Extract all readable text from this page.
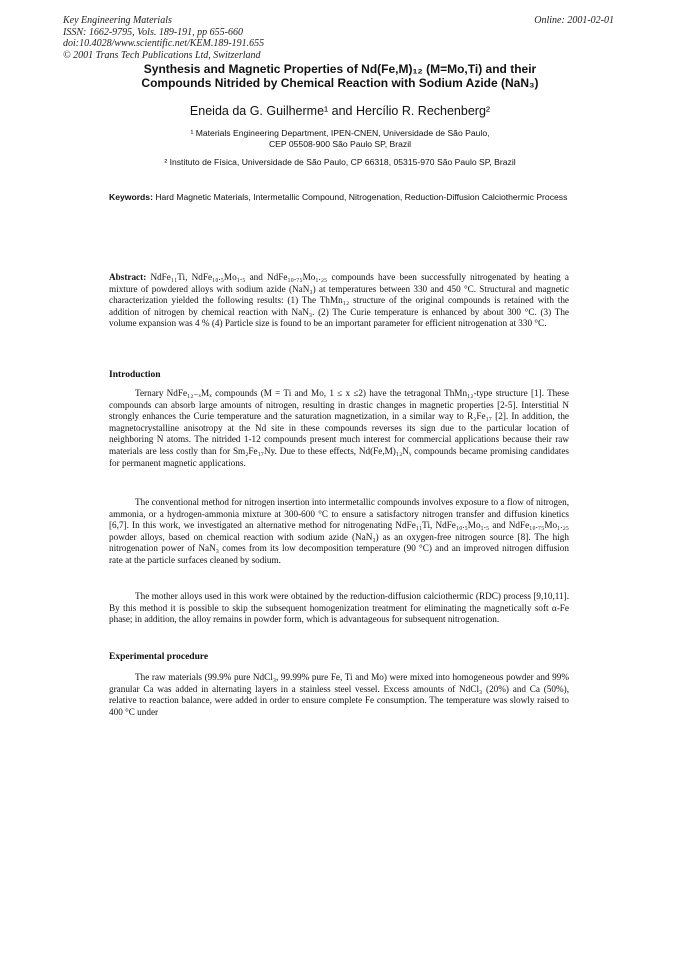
Key Engineering Materials
ISSN: 1662-9795, Vols. 189-191, pp 655-660
doi:10.4028/www.scientific.net/KEM.189-191.655
© 2001 Trans Tech Publications Ltd, Switzerland
Online: 2001-02-01
Synthesis and Magnetic Properties of Nd(Fe,M)₁₂ (M=Mo,Ti) and their
Compounds Nitrided by Chemical Reaction with Sodium Azide (NaN₃)
Eneida da G. Guilherme¹ and Hercílio R. Rechenberg²
¹ Materials Engineering Department, IPEN-CNEN, Universidade de São Paulo,
CEP 05508-900 São Paulo SP, Brazil
² Instituto de Física, Universidade de São Paulo, CP 66318, 05315-970 São Paulo SP, Brazil
Keywords: Hard Magnetic Materials, Intermetallic Compound, Nitrogenation, Reduction-Diffusion Calciothermic Process
Abstract: NdFe₁₁Ti, NdFe₁₀.₅Mo₁.₅ and NdFe₁₀.₇₅Mo₁.₂₅ compounds have been successfully nitrogenated by heating a mixture of powdered alloys with sodium azide (NaN₃) at temperatures between 330 and 450 °C. Structural and magnetic characterization yielded the following results: (1) The ThMn₁₂ structure of the original compounds is retained with the addition of nitrogen by chemical reaction with NaN₃. (2) The Curie temperature is enhanced by about 300 °C. (3) The volume expansion was 4 % (4) Particle size is found to be an important parameter for efficient nitrogenation at 330 °C.
Introduction
Ternary NdFe₁₂₋ₓMₓ compounds (M = Ti and Mo, 1 ≤ x ≤2) have the tetragonal ThMn₁₂-type structure [1]. These compounds can absorb large amounts of nitrogen, resulting in drastic changes in magnetic properties [2-5]. Interstitial N strongly enhances the Curie temperature and the saturation magnetization, in a similar way to R₂Fe₁₇ [2]. In addition, the magnetocrystalline anisotropy at the Nd site in these compounds reverses its sign due to the particular location of neighboring N atoms. The nitrided 1-12 compounds present much interest for commercial applications because their raw materials are less costly than for Sm₂Fe₁₇Ny. Due to these effects, Nd(Fe,M)₁₂Nᵧ compounds became promising candidates for permanent magnetic applications.
The conventional method for nitrogen insertion into intermetallic compounds involves exposure to a flow of nitrogen, ammonia, or a hydrogen-ammonia mixture at 300-600 °C to ensure a satisfactory nitrogen transfer and diffusion kinetics [6,7]. In this work, we investigated an alternative method for nitrogenating NdFe₁₁Ti, NdFe₁₀.₅Mo₁.₅ and NdFe₁₀.₇₅Mo₁.₂₅ powder alloys, based on chemical reaction with sodium azide (NaN₃) as an oxygen-free nitrogen source [8]. The high nitrogenation power of NaN₃ comes from its low decomposition temperature (90 °C) and an improved nitrogen diffusion rate at the particle surfaces cleaned by sodium.
The mother alloys used in this work were obtained by the reduction-diffusion calciothermic (RDC) process [9,10,11]. By this method it is possible to skip the subsequent homogenization treatment for eliminating the magnetically soft α-Fe phase; in addition, the alloy remains in powder form, which is advantageous for subsequent nitrogenation.
Experimental procedure
The raw materials (99.9% pure NdCl₃, 99.99% pure Fe, Ti and Mo) were mixed into homogeneous powder and 99% granular Ca was added in alternating layers in a stainless steel vessel. Excess amounts of NdCl₃ (20%) and Ca (50%), relative to reaction balance, were added in order to ensure complete Fe consumption. The temperature was slowly raised to 400 °C under
